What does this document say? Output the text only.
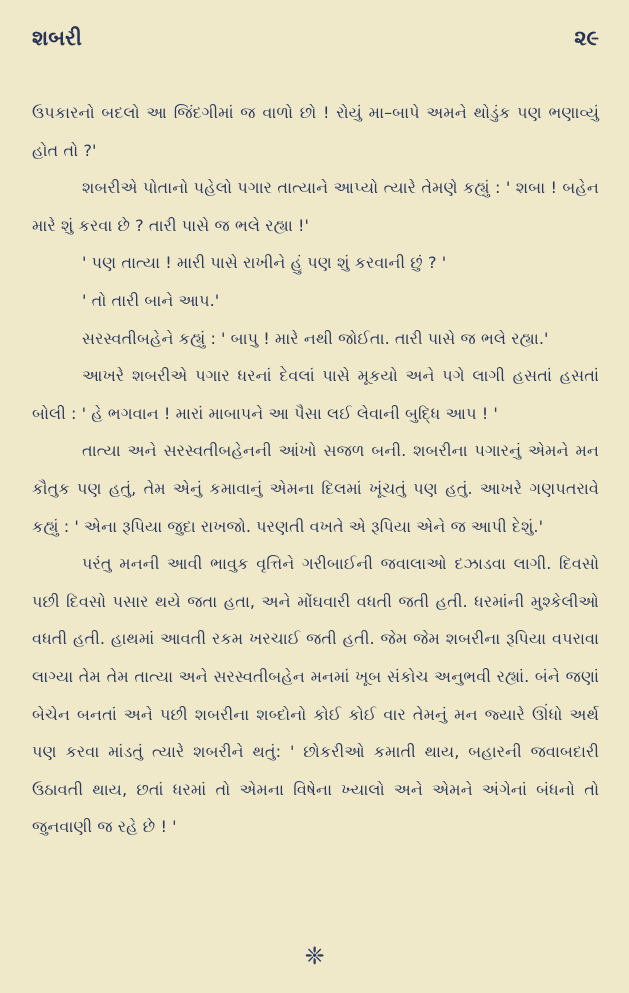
શબરી	૨૯

ઉપકારનો બદલો આ જિંદગીમાં જ વાળો છો ! રોયું મા–બાપે અમને થોડુંક પણ ભણાવ્યું હોત તો ?'

શબરીએ પોતાનો પહેલો પગાર તાત્યાને આપ્યો ત્યારે તેમણે કહ્યું : ' શબા ! બહેન મારે શું કરવા છે ? તારી પાસે જ ભલે રહ્યા !'

' પણ તાત્યા ! મારી પાસે રાખીને હું પણ શું કરવાની છું ? '

' તો તારી બાને આપ.'

સરસ્વતીબહેને કહ્યું : ' બાપુ ! મારે નથી જોઈતા. તારી પાસે જ ભલે રહ્યા.'

આખરે શબરીએ પગાર ધરનાં દેવલાં પાસે મૂકયો અને પગે લાગી હસતાં હસતાં બોલી : ' હે ભગવાન ! મારાં માબાપને આ પૈસા લઈ લેવાની બુદ્ધિ આપ ! '

તાત્યા અને સરસ્વતીબહેનની આંખો સજળ બની. શબરીના પગારનું એમને મન કૌતુક પણ હતું, તેમ એનું કમાવાનું એમના દિલમાં ખૂંચતું પણ હતું. આખરે ગણપતરાવે કહ્યું : ' એના રૂપિયા જુદા રાખજો. પરણતી વખતે એ રૂપિયા એને જ આપી દેશું.'

પરંતુ મનની આવી ભાવુક વૃત્તિને ગરીબાઈની જવાલાઓ દઝાડવા લાગી. દિવસો પછી દિવસો પસાર થયે જતા હતા, અને મોંઘવારી વધતી જતી હતી. ધરમાંની મુશ્કેલીઓ વધતી હતી. હાથમાં આવતી રકમ ખરચાઈ જતી હતી. જેમ જેમ શબરીના રૂપિયા વપરાવા લાગ્યા તેમ તેમ તાત્યા અને સરસ્વતીબહેન મનમાં ખૂબ સંકોચ અનુભવી રહ્યાં. બંને જણાં બેચેન બનતાં અને પછી શબરીના શબ્દોનો કોઈ કોઈ વાર તેમનું મન જ્યારે ઊંધો અર્થ પણ કરવા માંડતું ત્યારે શબરીને થતું: ' છોકરીઓ કમાતી થાય, બહારની જવાબદારી ઉઠાવતી થાય, છતાં ધરમાં તો એમના વિષેના ખ્યાલો અને એમને અંગેનાં બંધનો તો જુનવાણી જ રહે છે ! '

❈
